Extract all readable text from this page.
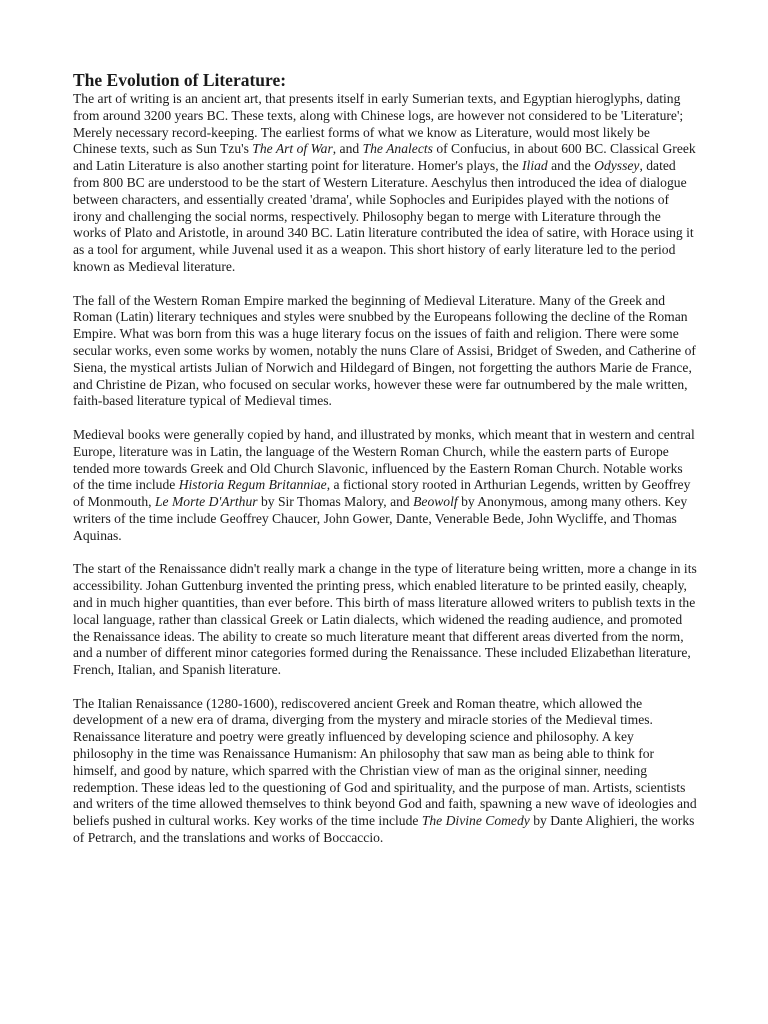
The Evolution of Literature:

The art of writing is an ancient art, that presents itself in early Sumerian texts, and Egyptian hieroglyphs, dating from around 3200 years BC. These texts, along with Chinese logs, are however not considered to be 'Literature'; Merely necessary record-keeping. The earliest forms of what we know as Literature, would most likely be Chinese texts, such as Sun Tzu's The Art of War, and The Analects of Confucius, in about 600 BC. Classical Greek and Latin Literature is also another starting point for literature. Homer's plays, the Iliad and the Odyssey, dated from 800 BC are understood to be the start of Western Literature. Aeschylus then introduced the idea of dialogue between characters, and essentially created 'drama', while Sophocles and Euripides played with the notions of irony and challenging the social norms, respectively. Philosophy began to merge with Literature through the works of Plato and Aristotle, in around 340 BC. Latin literature contributed the idea of satire, with Horace using it as a tool for argument, while Juvenal used it as a weapon. This short history of early literature led to the period known as Medieval literature.

The fall of the Western Roman Empire marked the beginning of Medieval Literature. Many of the Greek and Roman (Latin) literary techniques and styles were snubbed by the Europeans following the decline of the Roman Empire. What was born from this was a huge literary focus on the issues of faith and religion. There were some secular works, even some works by women, notably the nuns Clare of Assisi, Bridget of Sweden, and Catherine of Siena, the mystical artists Julian of Norwich and Hildegard of Bingen, not forgetting the authors Marie de France, and Christine de Pizan, who focused on secular works, however these were far outnumbered by the male written, faith-based literature typical of Medieval times.

Medieval books were generally copied by hand, and illustrated by monks, which meant that in western and central Europe, literature was in Latin, the language of the Western Roman Church, while the eastern parts of Europe tended more towards Greek and Old Church Slavonic, influenced by the Eastern Roman Church. Notable works of the time include Historia Regum Britanniae, a fictional story rooted in Arthurian Legends, written by Geoffrey of Monmouth, Le Morte D'Arthur by Sir Thomas Malory, and Beowolf by Anonymous, among many others. Key writers of the time include Geoffrey Chaucer, John Gower, Dante, Venerable Bede, John Wycliffe, and Thomas Aquinas.

The start of the Renaissance didn't really mark a change in the type of literature being written, more a change in its accessibility. Johan Guttenburg invented the printing press, which enabled literature to be printed easily, cheaply, and in much higher quantities, than ever before. This birth of mass literature allowed writers to publish texts in the local language, rather than classical Greek or Latin dialects, which widened the reading audience, and promoted the Renaissance ideas. The ability to create so much literature meant that different areas diverted from the norm, and a number of different minor categories formed during the Renaissance. These included Elizabethan literature, French, Italian, and Spanish literature.

The Italian Renaissance (1280-1600), rediscovered ancient Greek and Roman theatre, which allowed the development of a new era of drama, diverging from the mystery and miracle stories of the Medieval times. Renaissance literature and poetry were greatly influenced by developing science and philosophy. A key philosophy in the time was Renaissance Humanism: An philosophy that saw man as being able to think for himself, and good by nature, which sparred with the Christian view of man as the original sinner, needing redemption. These ideas led to the questioning of God and spirituality, and the purpose of man. Artists, scientists and writers of the time allowed themselves to think beyond God and faith, spawning a new wave of ideologies and beliefs pushed in cultural works. Key works of the time include The Divine Comedy by Dante Alighieri, the works of Petrarch, and the translations and works of Boccaccio.
